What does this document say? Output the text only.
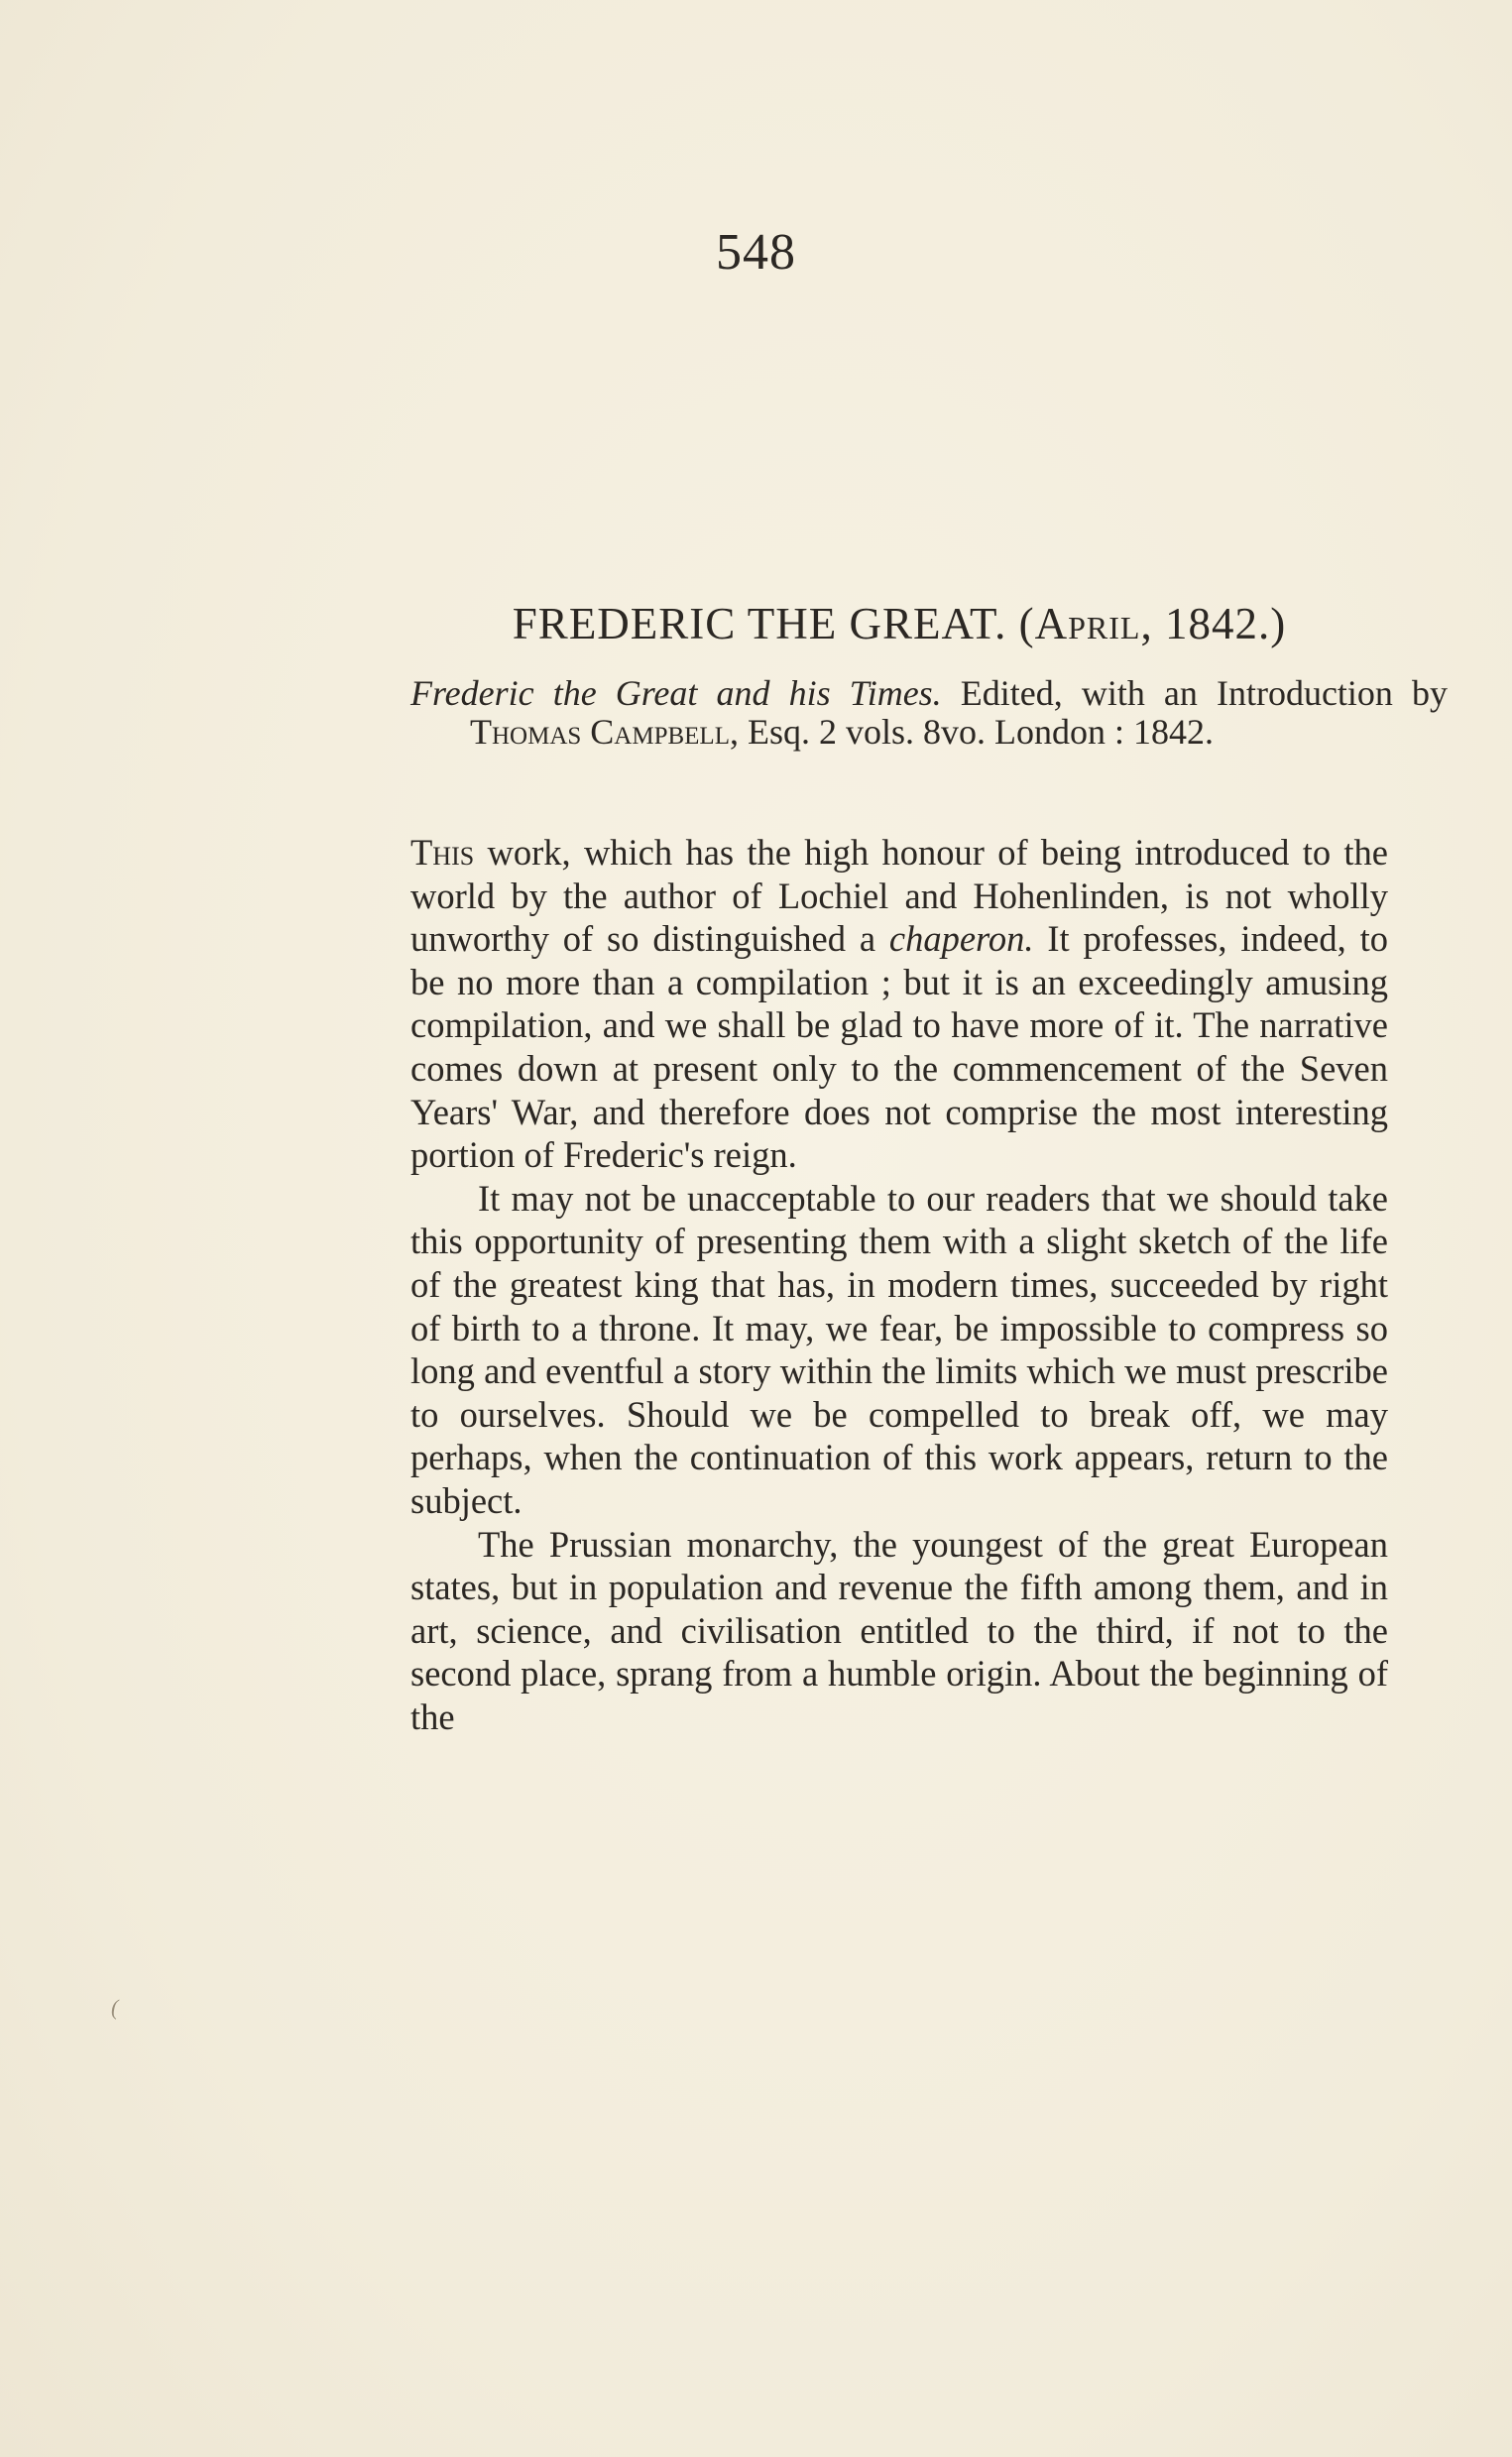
548
FREDERIC THE GREAT. (April, 1842.)
Frederic the Great and his Times. Edited, with an Introduction by Thomas Campbell, Esq. 2 vols. 8vo. London : 1842.

This work, which has the high honour of being introduced to the world by the author of Lochiel and Hohenlinden, is not wholly unworthy of so distinguished a chaperon. It professes, indeed, to be no more than a compilation ; but it is an exceedingly amusing compilation, and we shall be glad to have more of it. The narrative comes down at present only to the commencement of the Seven Years' War, and therefore does not comprise the most interesting portion of Frederic's reign.

It may not be unacceptable to our readers that we should take this opportunity of presenting them with a slight sketch of the life of the greatest king that has, in modern times, succeeded by right of birth to a throne. It may, we fear, be impossible to compress so long and eventful a story within the limits which we must prescribe to ourselves. Should we be compelled to break off, we may perhaps, when the continuation of this work appears, return to the subject.

The Prussian monarchy, the youngest of the great European states, but in population and revenue the fifth among them, and in art, science, and civilisation entitled to the third, if not to the second place, sprang from a humble origin. About the beginning of the

(
